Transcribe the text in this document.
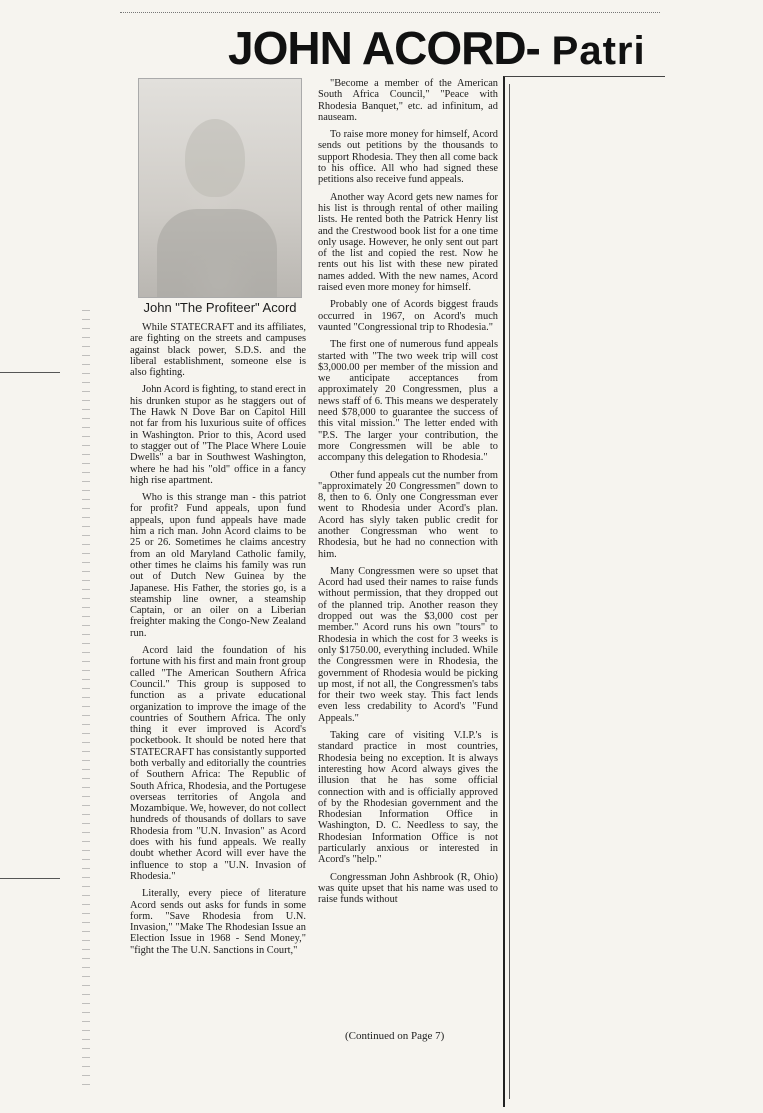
JOHN ACORD- Patri
John "The Profiteer" Acord

While STATECRAFT and its affiliates, are fighting on the streets and campuses against black power, S.D.S. and the liberal establishment, someone else is also fighting.

John Acord is fighting, to stand erect in his drunken stupor as he staggers out of The Hawk N Dove Bar on Capitol Hill not far from his luxurious suite of offices in Washington. Prior to this, Acord used to stagger out of "The Place Where Louie Dwells" a bar in Southwest Washington, where he had his "old" office in a fancy high rise apartment.

Who is this strange man - this patriot for profit? Fund appeals, upon fund appeals, upon fund appeals have made him a rich man. John Acord claims to be 25 or 26. Sometimes he claims ancestry from an old Maryland Catholic family, other times he claims his family was run out of Dutch New Guinea by the Japanese. His Father, the stories go, is a steamship line owner, a steamship Captain, or an oiler on a Liberian freighter making the Congo-New Zealand run.

Acord laid the foundation of his fortune with his first and main front group called "The American Southern Africa Council." This group is supposed to function as a private educational organization to improve the image of the countries of Southern Africa. The only thing it ever improved is Acord's pocketbook. It should be noted here that STATECRAFT has consistantly supported both verbally and editorially the countries of Southern Africa: The Republic of South Africa, Rhodesia, and the Portugese overseas territories of Angola and Mozambique. We, however, do not collect hundreds of thousands of dollars to save Rhodesia from "U.N. Invasion" as Acord does with his fund appeals. We really doubt whether Acord will ever have the influence to stop a "U.N. Invasion of Rhodesia."

Literally, every piece of literature Acord sends out asks for funds in some form. "Save Rhodesia from U.N. Invasion," "Make The Rhodesian Issue an Election Issue in 1968 - Send Money," "fight the The U.N. Sanctions in Court,"

"Become a member of the American South Africa Council," "Peace with Rhodesia Banquet," etc. ad infinitum, ad nauseam.

To raise more money for himself, Acord sends out petitions by the thousands to support Rhodesia. They then all come back to his office. All who had signed these petitions also receive fund appeals.

Another way Acord gets new names for his list is through rental of other mailing lists. He rented both the Patrick Henry list and the Crestwood book list for a one time only usage. However, he only sent out part of the list and copied the rest. Now he rents out his list with these new pirated names added. With the new names, Acord raised even more money for himself.

Probably one of Acords biggest frauds occurred in 1967, on Acord's much vaunted "Congressional trip to Rhodesia."

The first one of numerous fund appeals started with "The two week trip will cost $3,000.00 per member of the mission and we anticipate acceptances from approximately 20 Congressmen, plus a news staff of 6. This means we desperately need $78,000 to guarantee the success of this vital mission." The letter ended with "P.S. The larger your contribution, the more Congressmen will be able to accompany this delegation to Rhodesia."

Other fund appeals cut the number from "approximately 20 Congressmen" down to 8, then to 6. Only one Congressman ever went to Rhodesia under Acord's plan. Acord has slyly taken public credit for another Congressman who went to Rhodesia, but he had no connection with him.

Many Congressmen were so upset that Acord had used their names to raise funds without permission, that they dropped out of the planned trip. Another reason they dropped out was the $3,000 cost per member." Acord runs his own "tours" to Rhodesia in which the cost for 3 weeks is only $1750.00, everything included. While the Congressmen were in Rhodesia, the government of Rhodesia would be picking up most, if not all, the Congressmen's tabs for their two week stay. This fact lends even less credability to Acord's "Fund Appeals."

Taking care of visiting V.I.P.'s is standard practice in most countries, Rhodesia being no exception. It is always interesting how Acord always gives the illusion that he has some official connection with and is officially approved of by the Rhodesian government and the Rhodesian Information Office in Washington, D. C. Needless to say, the Rhodesian Information Office is not particularly anxious or interested in Acord's "help."

Congressman John Ashbrook (R, Ohio) was quite upset that his name was used to raise funds without

(Continued on Page 7)
